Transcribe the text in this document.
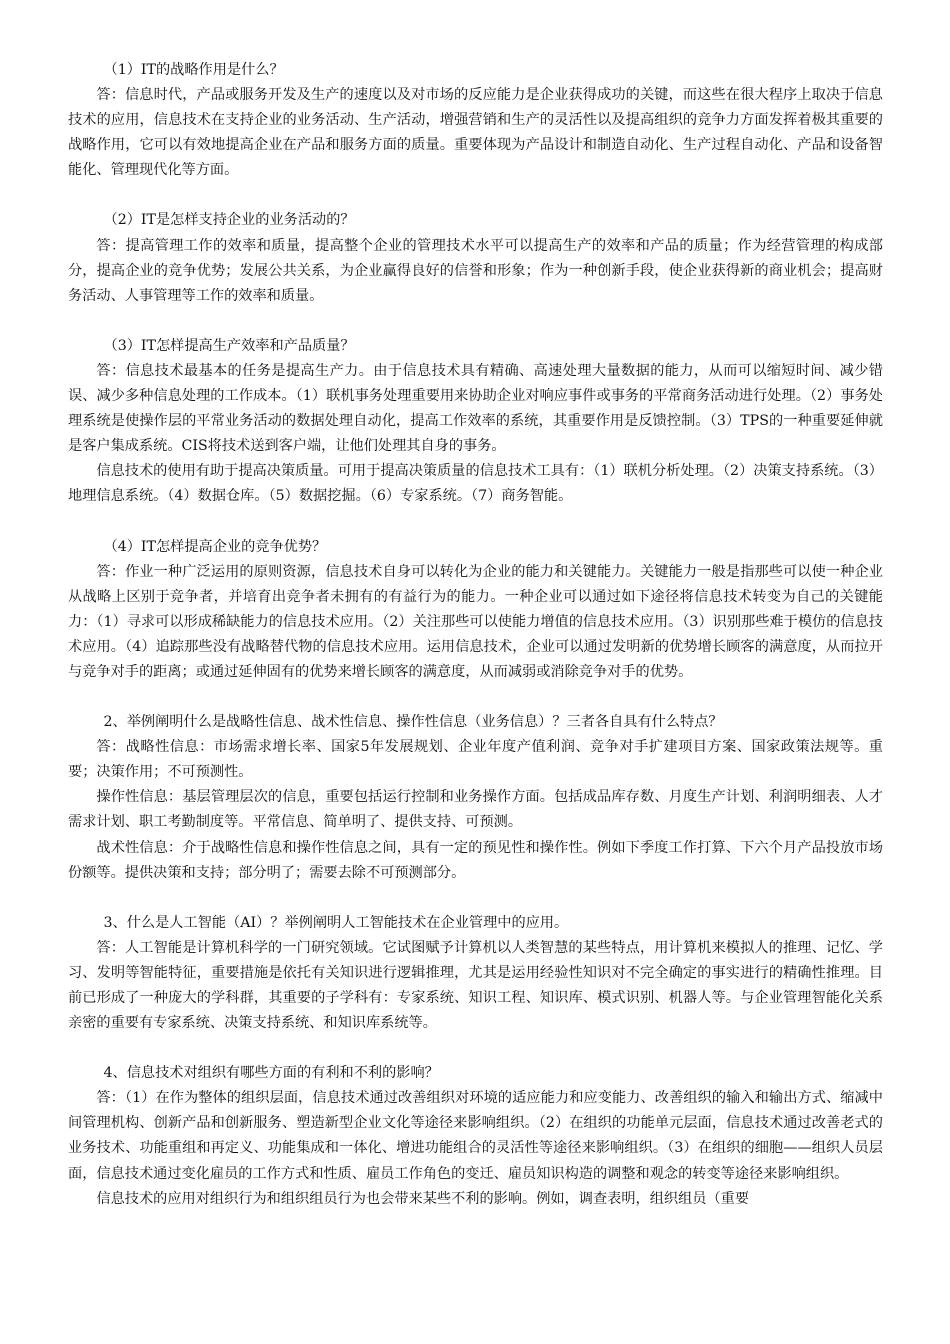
（1）IT的战略作用是什么？

答：信息时代，产品或服务开发及生产的速度以及对市场的反应能力是企业获得成功的关键，而这些在很大程序上取决于信息技术的应用，信息技术在支持企业的业务活动、生产活动，增强营销和生产的灵活性以及提高组织的竞争力方面发挥着极其重要的战略作用，它可以有效地提高企业在产品和服务方面的质量。重要体现为产品设计和制造自动化、生产过程自动化、产品和设备智能化、管理现代化等方面。

（2）IT是怎样支持企业的业务活动的？

答：提高管理工作的效率和质量，提高整个企业的管理技术水平可以提高生产的效率和产品的质量；作为经营管理的构成部分，提高企业的竞争优势；发展公共关系，为企业赢得良好的信誉和形象；作为一种创新手段，使企业获得新的商业机会；提高财务活动、人事管理等工作的效率和质量。

（3）IT怎样提高生产效率和产品质量？

答：信息技术最基本的任务是提高生产力。由于信息技术具有精确、高速处理大量数据的能力，从而可以缩短时间、减少错误、减少多种信息处理的工作成本。（1）联机事务处理重要用来协助企业对响应事件或事务的平常商务活动进行处理。（2）事务处理系统是使操作层的平常业务活动的数据处理自动化，提高工作效率的系统，其重要作用是反馈控制。（3）TPS的一种重要延伸就是客户集成系统。CIS将技术送到客户端，让他们处理其自身的事务。

信息技术的使用有助于提高决策质量。可用于提高决策质量的信息技术工具有：（1）联机分析处理。（2）决策支持系统。（3）地理信息系统。（4）数据仓库。（5）数据挖掘。（6）专家系统。（7）商务智能。

（4）IT怎样提高企业的竞争优势？

答：作业一种广泛运用的原则资源，信息技术自身可以转化为企业的能力和关键能力。关键能力一般是指那些可以使一种企业从战略上区别于竞争者，并培育出竞争者未拥有的有益行为的能力。一种企业可以通过如下途径将信息技术转变为自己的关键能力：（1）寻求可以形成稀缺能力的信息技术应用。（2）关注那些可以使能力增值的信息技术应用。（3）识别那些难于模仿的信息技术应用。（4）追踪那些没有战略替代物的信息技术应用。运用信息技术，企业可以通过发明新的优势增长顾客的满意度，从而拉开与竞争对手的距离；或通过延伸固有的优势来增长顾客的满意度，从而减弱或消除竞争对手的优势。

2、举例阐明什么是战略性信息、战术性信息、操作性信息（业务信息）？三者各自具有什么特点？

答：战略性信息：市场需求增长率、国家5年发展规划、企业年度产值利润、竞争对手扩建项目方案、国家政策法规等。重要；决策作用；不可预测性。

操作性信息：基层管理层次的信息，重要包括运行控制和业务操作方面。包括成品库存数、月度生产计划、利润明细表、人才需求计划、职工考勤制度等。平常信息、简单明了、提供支持、可预测。

战术性信息：介于战略性信息和操作性信息之间，具有一定的预见性和操作性。例如下季度工作打算、下六个月产品投放市场份额等。提供决策和支持；部分明了；需要去除不可预测部分。

3、什么是人工智能（AI）？举例阐明人工智能技术在企业管理中的应用。

答：人工智能是计算机科学的一门研究领域。它试图赋予计算机以人类智慧的某些特点，用计算机来模拟人的推理、记忆、学习、发明等智能特征，重要措施是依托有关知识进行逻辑推理，尤其是运用经验性知识对不完全确定的事实进行的精确性推理。目前已形成了一种庞大的学科群，其重要的子学科有：专家系统、知识工程、知识库、模式识别、机器人等。与企业管理智能化关系亲密的重要有专家系统、决策支持系统、和知识库系统等。

4、信息技术对组织有哪些方面的有利和不利的影响？

答：（1）在作为整体的组织层面，信息技术通过改善组织对环境的适应能力和应变能力、改善组织的输入和输出方式、缩减中间管理机构、创新产品和创新服务、塑造新型企业文化等途径来影响组织。（2）在组织的功能单元层面，信息技术通过改善老式的业务技术、功能重组和再定义、功能集成和一体化、增进功能组合的灵活性等途径来影响组织。（3）在组织的细胞——组织人员层面，信息技术通过变化雇员的工作方式和性质、雇员工作角色的变迁、雇员知识构造的调整和观念的转变等途径来影响组织。

信息技术的应用对组织行为和组织组员行为也会带来某些不利的影响。例如，调查表明，组织组员（重要
